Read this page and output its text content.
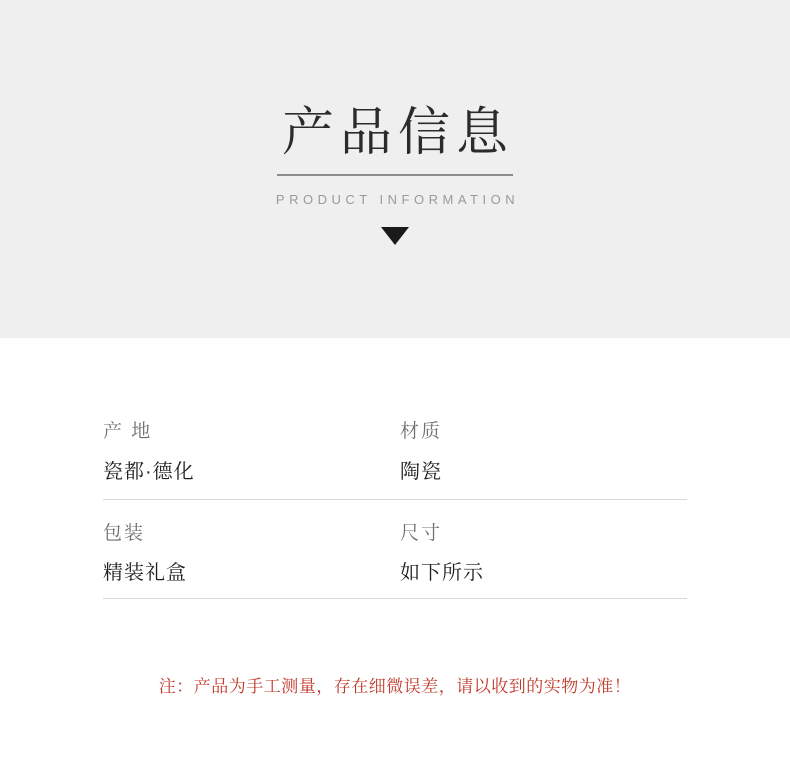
产品信息
PRODUCT INFORMATION
产 地
瓷都·德化
材质
陶瓷
包装
精装礼盒
尺寸
如下所示
注：产品为手工测量，存在细微误差，请以收到的实物为准！
